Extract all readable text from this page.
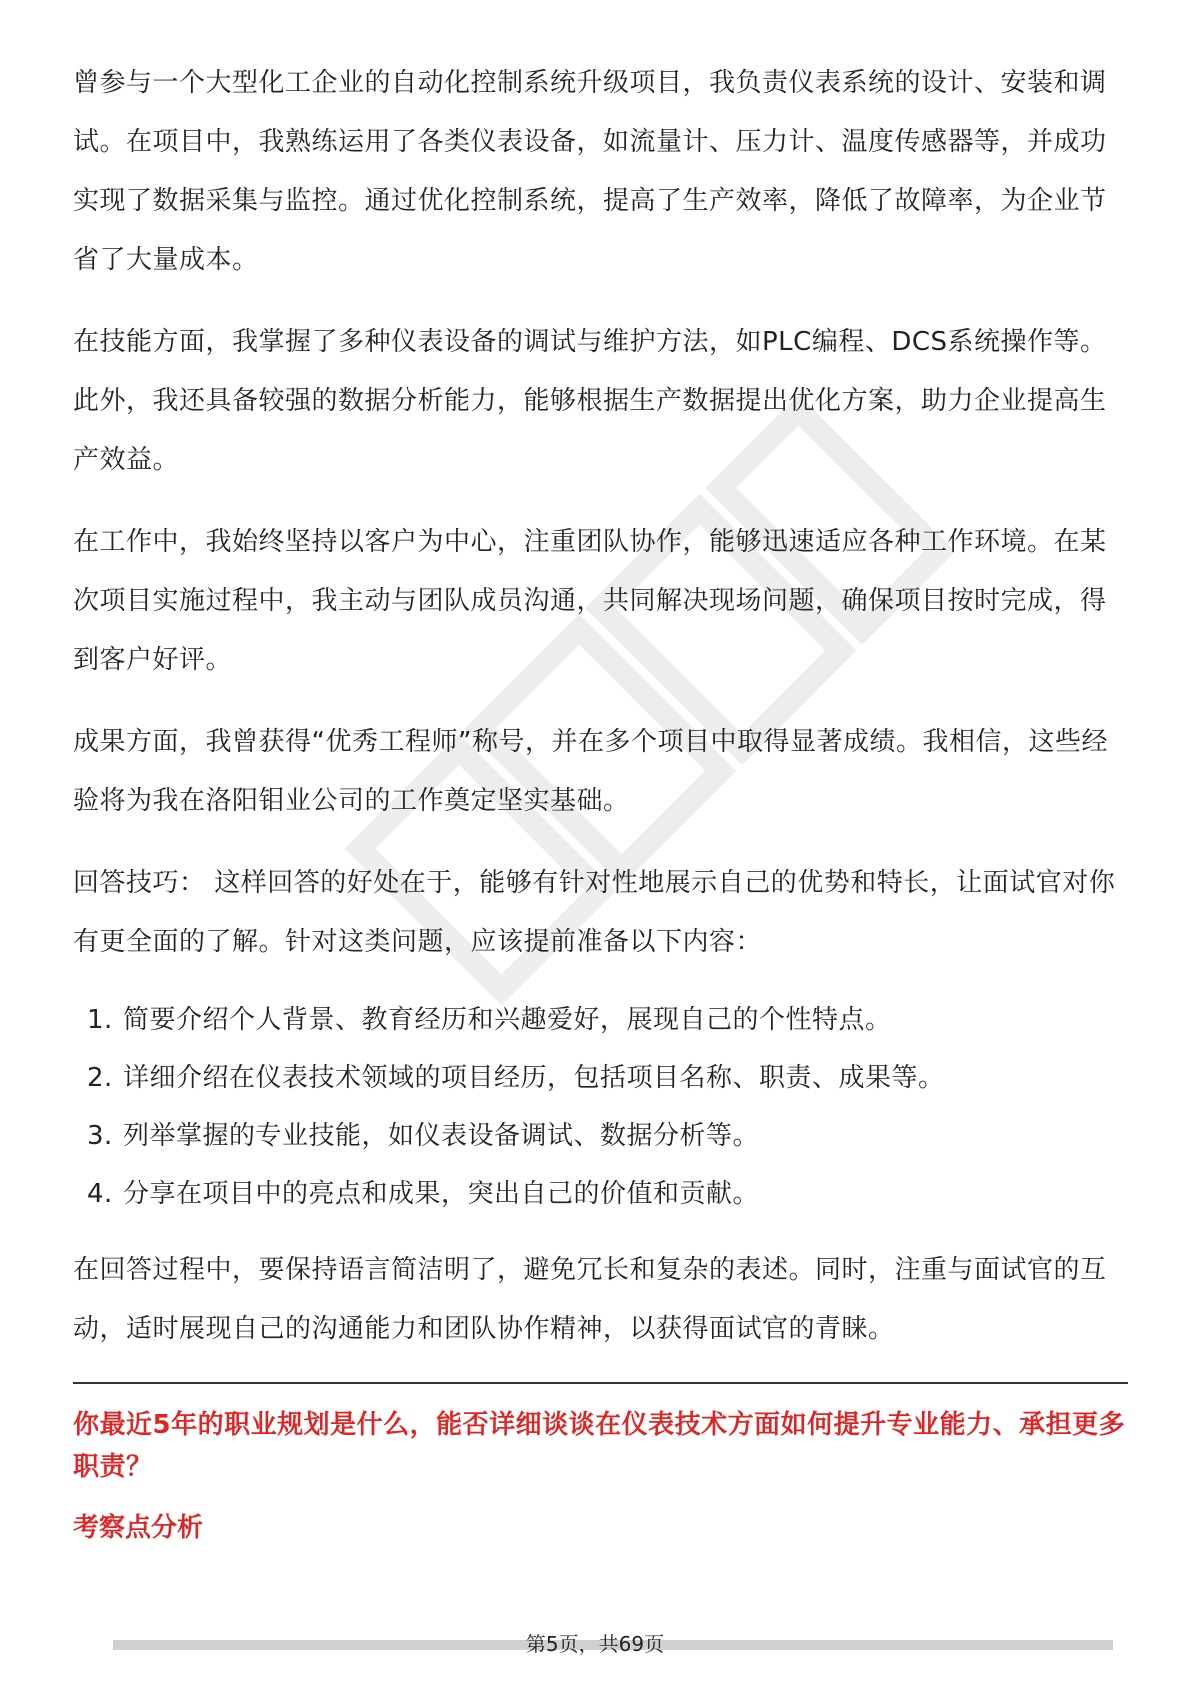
曾参与一个大型化工企业的自动化控制系统升级项目，我负责仪表系统的设计、安装和调试。在项目中，我熟练运用了各类仪表设备，如流量计、压力计、温度传感器等，并成功实现了数据采集与监控。通过优化控制系统，提高了生产效率，降低了故障率，为企业节省了大量成本。

在技能方面，我掌握了多种仪表设备的调试与维护方法，如PLC编程、DCS系统操作等。此外，我还具备较强的数据分析能力，能够根据生产数据提出优化方案，助力企业提高生产效益。

在工作中，我始终坚持以客户为中心，注重团队协作，能够迅速适应各种工作环境。在某次项目实施过程中，我主动与团队成员沟通，共同解决现场问题，确保项目按时完成，得到客户好评。

成果方面，我曾获得“优秀工程师”称号，并在多个项目中取得显著成绩。我相信，这些经验将为我在洛阳钼业公司的工作奠定坚实基础。

回答技巧： 这样回答的好处在于，能够有针对性地展示自己的优势和特长，让面试官对你有更全面的了解。针对这类问题，应该提前准备以下内容：

1. 简要介绍个人背景、教育经历和兴趣爱好，展现自己的个性特点。
2. 详细介绍在仪表技术领域的项目经历，包括项目名称、职责、成果等。
3. 列举掌握的专业技能，如仪表设备调试、数据分析等。
4. 分享在项目中的亮点和成果，突出自己的价值和贡献。

在回答过程中，要保持语言简洁明了，避免冗长和复杂的表述。同时，注重与面试官的互动，适时展现自己的沟通能力和团队协作精神，以获得面试官的青睐。

你最近5年的职业规划是什么，能否详细谈谈在仪表技术方面如何提升专业能力、承担更多职责？

考察点分析

第5页，共69页
